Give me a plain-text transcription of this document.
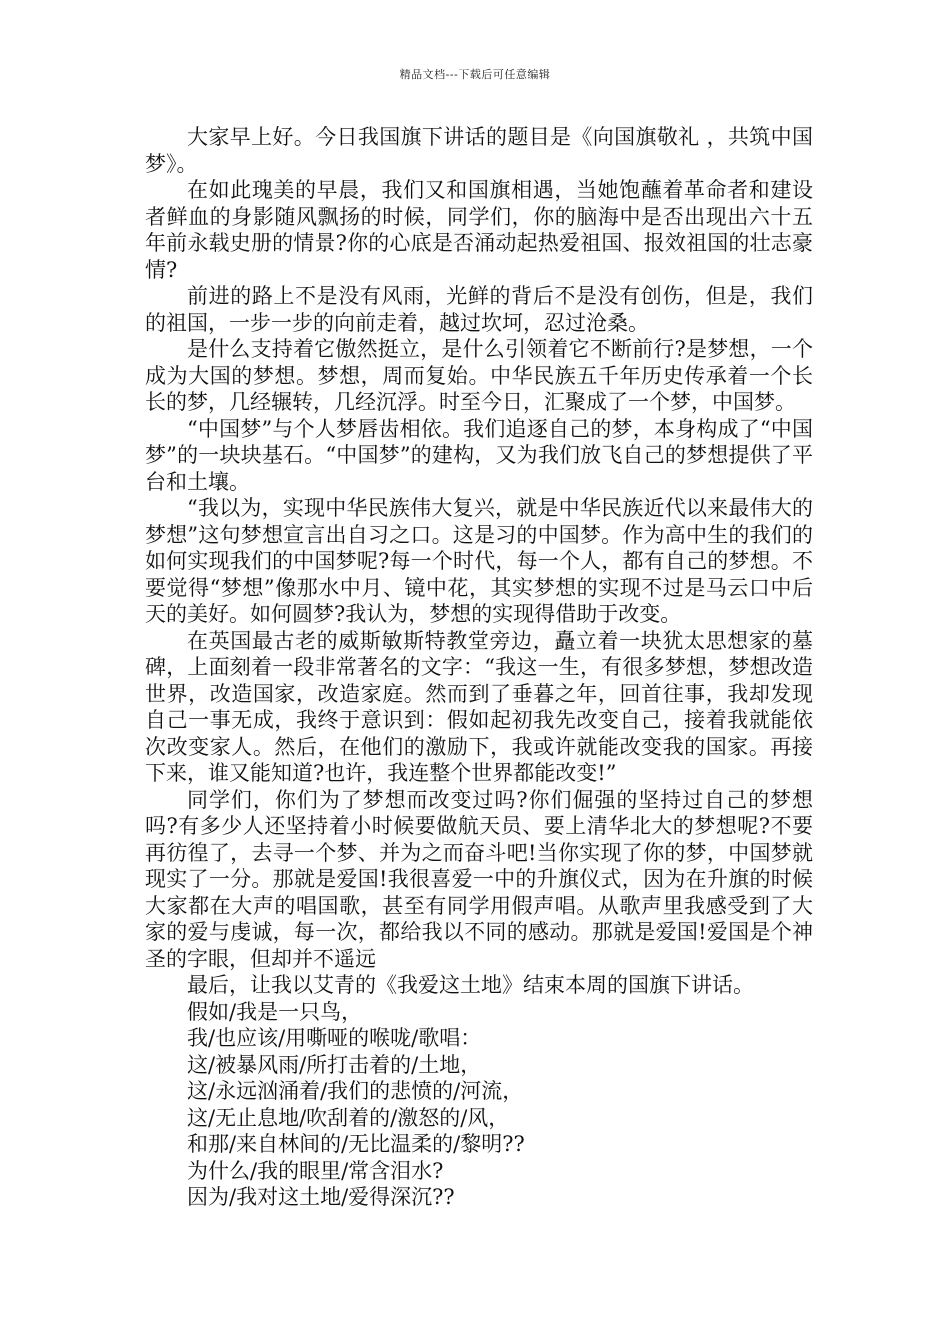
精品文档---下载后可任意编辑

大家早上好。今日我国旗下讲话的题目是《向国旗敬礼 ，共筑中国梦》。

在如此瑰美的早晨，我们又和国旗相遇，当她饱蘸着革命者和建设者鲜血的身影随风飘扬的时候，同学们，你的脑海中是否出现出六十五年前永载史册的情景?你的心底是否涌动起热爱祖国、报效祖国的壮志豪情?

前进的路上不是没有风雨，光鲜的背后不是没有创伤，但是，我们的祖国，一步一步的向前走着，越过坎坷，忍过沧桑。

是什么支持着它傲然挺立，是什么引领着它不断前行?是梦想，一个成为大国的梦想。梦想，周而复始。中华民族五千年历史传承着一个长长的梦，几经辗转，几经沉浮。时至今日，汇聚成了一个梦，中国梦。

“中国梦”与个人梦唇齿相依。我们追逐自己的梦，本身构成了“中国梦”的一块块基石。“中国梦”的建构，又为我们放飞自己的梦想提供了平台和土壤。

“我以为，实现中华民族伟大复兴，就是中华民族近代以来最伟大的梦想”这句梦想宣言出自习之口。这是习的中国梦。作为高中生的我们的如何实现我们的中国梦呢?每一个时代，每一个人，都有自己的梦想。不要觉得“梦想”像那水中月、镜中花，其实梦想的实现不过是马云口中后天的美好。如何圆梦?我认为，梦想的实现得借助于改变。

在英国最古老的威斯敏斯特教堂旁边，矗立着一块犹太思想家的墓碑，上面刻着一段非常著名的文字：“我这一生，有很多梦想，梦想改造世界，改造国家，改造家庭。然而到了垂暮之年，回首往事，我却发现自己一事无成，我终于意识到：假如起初我先改变自己，接着我就能依次改变家人。然后，在他们的激励下，我或许就能改变我的国家。再接下来，谁又能知道?也许，我连整个世界都能改变!”

同学们，你们为了梦想而改变过吗?你们倔强的坚持过自己的梦想吗?有多少人还坚持着小时候要做航天员、要上清华北大的梦想呢?不要再彷徨了，去寻一个梦、并为之而奋斗吧!当你实现了你的梦，中国梦就现实了一分。那就是爱国!我很喜爱一中的升旗仪式，因为在升旗的时候大家都在大声的唱国歌，甚至有同学用假声唱。从歌声里我感受到了大家的爱与虔诚，每一次，都给我以不同的感动。那就是爱国!爱国是个神圣的字眼，但却并不遥远

最后，让我以艾青的《我爱这土地》结束本周的国旗下讲话。

假如/我是一只鸟，
我/也应该/用嘶哑的喉咙/歌唱：
这/被暴风雨/所打击着的/土地，
这/永远汹涌着/我们的悲愤的/河流，
这/无止息地/吹刮着的/激怒的/风，
和那/来自林间的/无比温柔的/黎明??
为什么/我的眼里/常含泪水?
因为/我对这土地/爱得深沉??
